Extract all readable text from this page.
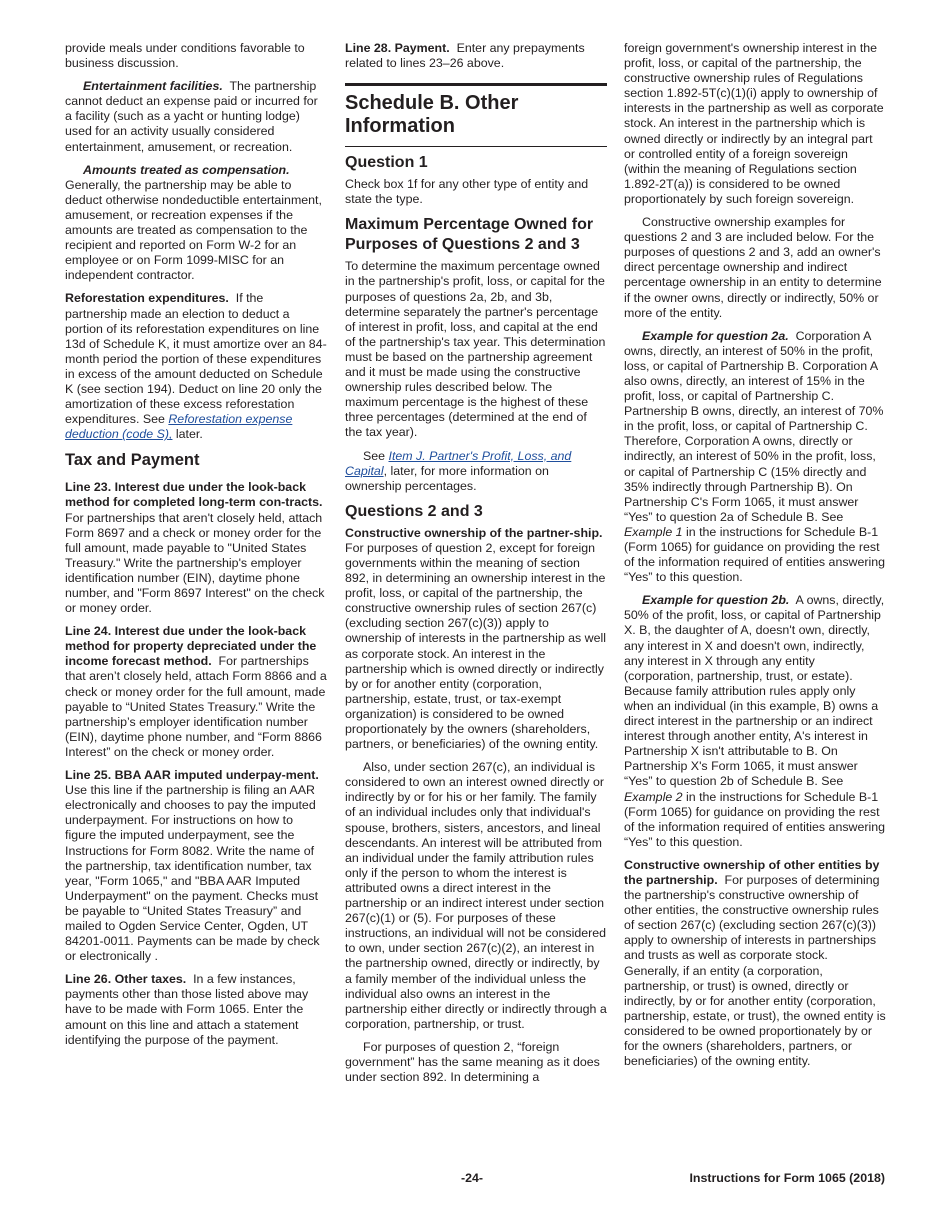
provide meals under conditions favorable to business discussion.

Entertainment facilities. The partnership cannot deduct an expense paid or incurred for a facility (such as a yacht or hunting lodge) used for an activity usually considered entertainment, amusement, or recreation.

Amounts treated as compensation. Generally, the partnership may be able to deduct otherwise nondeductible entertainment, amusement, or recreation expenses if the amounts are treated as compensation to the recipient and reported on Form W-2 for an employee or on Form 1099-MISC for an independent contractor.

Reforestation expenditures. If the partnership made an election to deduct a portion of its reforestation expenditures on line 13d of Schedule K, it must amortize over an 84-month period the portion of these expenditures in excess of the amount deducted on Schedule K (see section 194). Deduct on line 20 only the amortization of these excess reforestation expenditures. See Reforestation expense deduction (code S), later.

Tax and Payment

Line 23. Interest due under the look-back method for completed long-term con-tracts.  For partnerships that aren't closely held, attach Form 8697 and a check or money order for the full amount, made payable to "United States Treasury." Write the partnership's employer identification number (EIN), daytime phone number, and "Form 8697 Interest" on the check or money order.

Line 24. Interest due under the look-back method for property depreciated under the income forecast method. For partnerships that aren’t closely held, attach Form 8866 and a check or money order for the full amount, made payable to “United States Treasury.” Write the partnership’s employer identification number (EIN), daytime phone number, and “Form 8866 Interest” on the check or money order.

Line 25. BBA AAR imputed underpay-ment.  Use this line if the partnership is filing an AAR electronically and chooses to pay the imputed underpayment. For instructions on how to figure the imputed underpayment, see the Instructions for Form 8082. Write the name of the partnership, tax identification number, tax year, "Form 1065," and "BBA AAR Imputed Underpayment" on the payment. Checks must be payable to “United States Treasury” and mailed to Ogden Service Center, Ogden, UT 84201-0011. Payments can be made by check or electronically .

Line 26. Other taxes. In a few instances, payments other than those listed above may have to be made with Form 1065. Enter the amount on this line and attach a statement identifying the purpose of the payment.

Line 28. Payment. Enter any prepayments related to lines 23–26 above.

Schedule B. Other Information
Question 1

Check box 1f for any other type of entity and state the type.

Maximum Percentage Owned for Purposes of Questions 2 and 3

To determine the maximum percentage owned in the partnership's profit, loss, or capital for the purposes of questions 2a, 2b, and 3b, determine separately the partner's percentage of interest in profit, loss, and capital at the end of the partnership's tax year. This determination must be based on the partnership agreement and it must be made using the constructive ownership rules described below. The maximum percentage is the highest of these three percentages (determined at the end of the tax year).

See Item J. Partner's Profit, Loss, and Capital, later, for more information on ownership percentages.

Questions 2 and 3

Constructive ownership of the partner-ship.  For purposes of question 2, except for foreign governments within the meaning of section 892, in determining an ownership interest in the profit, loss, or capital of the partnership, the constructive ownership rules of section 267(c) (excluding section 267(c)(3)) apply to ownership of interests in the partnership as well as corporate stock. An interest in the partnership which is owned directly or indirectly by or for another entity (corporation, partnership, estate, trust, or tax-exempt organization) is considered to be owned proportionately by the owners (shareholders, partners, or beneficiaries) of the owning entity.

Also, under section 267(c), an individual is considered to own an interest owned directly or indirectly by or for his or her family. The family of an individual includes only that individual's spouse, brothers, sisters, ancestors, and lineal descendants. An interest will be attributed from an individual under the family attribution rules only if the person to whom the interest is attributed owns a direct interest in the partnership or an indirect interest under section 267(c)(1) or (5). For purposes of these instructions, an individual will not be considered to own, under section 267(c)(2), an interest in the partnership owned, directly or indirectly, by a family member of the individual unless the individual also owns an interest in the partnership either directly or indirectly through a corporation, partnership, or trust.

For purposes of question 2, “foreign government” has the same meaning as it does under section 892. In determining a

foreign government's ownership interest in the profit, loss, or capital of the partnership, the constructive ownership rules of Regulations section 1.892-5T(c)(1)(i) apply to ownership of interests in the partnership as well as corporate stock. An interest in the partnership which is owned directly or indirectly by an integral part or controlled entity of a foreign sovereign (within the meaning of Regulations section 1.892-2T(a)) is considered to be owned proportionately by such foreign sovereign.

Constructive ownership examples for questions 2 and 3 are included below. For the purposes of questions 2 and 3, add an owner's direct percentage ownership and indirect percentage ownership in an entity to determine if the owner owns, directly or indirectly, 50% or more of the entity.

Example for question 2a. Corporation A owns, directly, an interest of 50% in the profit, loss, or capital of Partnership B. Corporation A also owns, directly, an interest of 15% in the profit, loss, or capital of Partnership C. Partnership B owns, directly, an interest of 70% in the profit, loss, or capital of Partnership C. Therefore, Corporation A owns, directly or indirectly, an interest of 50% in the profit, loss, or capital of Partnership C (15% directly and 35% indirectly through Partnership B). On Partnership C's Form 1065, it must answer “Yes” to question 2a of Schedule B. See Example 1 in the instructions for Schedule B-1 (Form 1065) for guidance on providing the rest of the information required of entities answering “Yes” to this question.

Example for question 2b. A owns, directly, 50% of the profit, loss, or capital of Partnership X. B, the daughter of A, doesn't own, directly, any interest in X and doesn't own, indirectly, any interest in X through any entity (corporation, partnership, trust, or estate). Because family attribution rules apply only when an individual (in this example, B) owns a direct interest in the partnership or an indirect interest through another entity, A's interest in Partnership X isn't attributable to B. On Partnership X's Form 1065, it must answer “Yes” to question 2b of Schedule B. See Example 2 in the instructions for Schedule B-1 (Form 1065) for guidance on providing the rest of the information required of entities answering “Yes” to this question.

Constructive ownership of other entities by the partnership. For purposes of determining the partnership's constructive ownership of other entities, the constructive ownership rules of section 267(c) (excluding section 267(c)(3)) apply to ownership of interests in partnerships and trusts as well as corporate stock. Generally, if an entity (a corporation, partnership, or trust) is owned, directly or indirectly, by or for another entity (corporation, partnership, estate, or trust), the owned entity is considered to be owned proportionately by or for the owners (shareholders, partners, or beneficiaries) of the owning entity.

-24-	Instructions for Form 1065 (2018)
